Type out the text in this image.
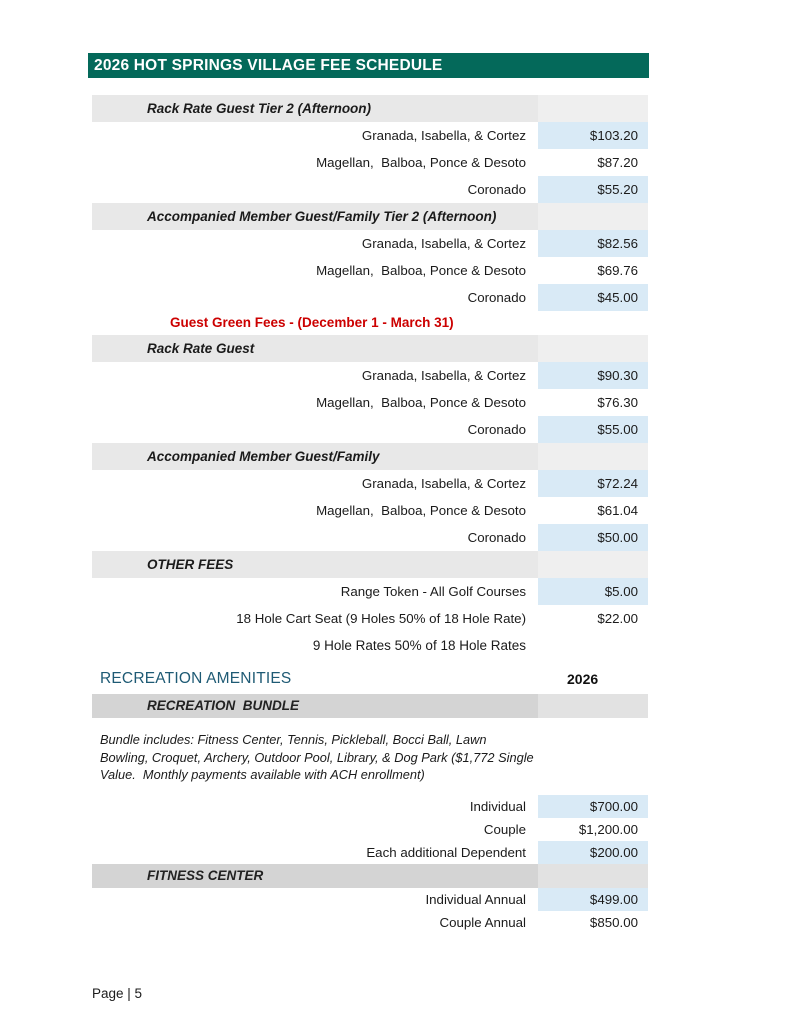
2026 HOT SPRINGS VILLAGE FEE SCHEDULE
Rack Rate Guest Tier 2 (Afternoon)
Granada, Isabella, & Cortez	$103.20
Magellan,  Balboa, Ponce & Desoto	$87.20
Coronado	$55.20
Accompanied Member Guest/Family Tier 2 (Afternoon)
Granada, Isabella, & Cortez	$82.56
Magellan,  Balboa, Ponce & Desoto	$69.76
Coronado	$45.00
Guest Green Fees - (December 1 - March 31)
Rack Rate Guest
Granada, Isabella, & Cortez	$90.30
Magellan,  Balboa, Ponce & Desoto	$76.30
Coronado	$55.00
Accompanied Member Guest/Family
Granada, Isabella, & Cortez	$72.24
Magellan,  Balboa, Ponce & Desoto	$61.04
Coronado	$50.00
OTHER FEES
Range Token - All Golf Courses	$5.00
18 Hole Cart Seat (9 Holes 50% of 18 Hole Rate)	$22.00
9 Hole Rates 50% of 18 Hole Rates
RECREATION AMENITIES	2026
RECREATION  BUNDLE
Bundle includes: Fitness Center, Tennis, Pickleball, Bocci Ball, Lawn
Bowling, Croquet, Archery, Outdoor Pool, Library, & Dog Park ($1,772 Single
Value.  Monthly payments available with ACH enrollment)
Individual	$700.00
Couple	$1,200.00
Each additional Dependent	$200.00
FITNESS CENTER
Individual Annual	$499.00
Couple Annual	$850.00
Page | 5
